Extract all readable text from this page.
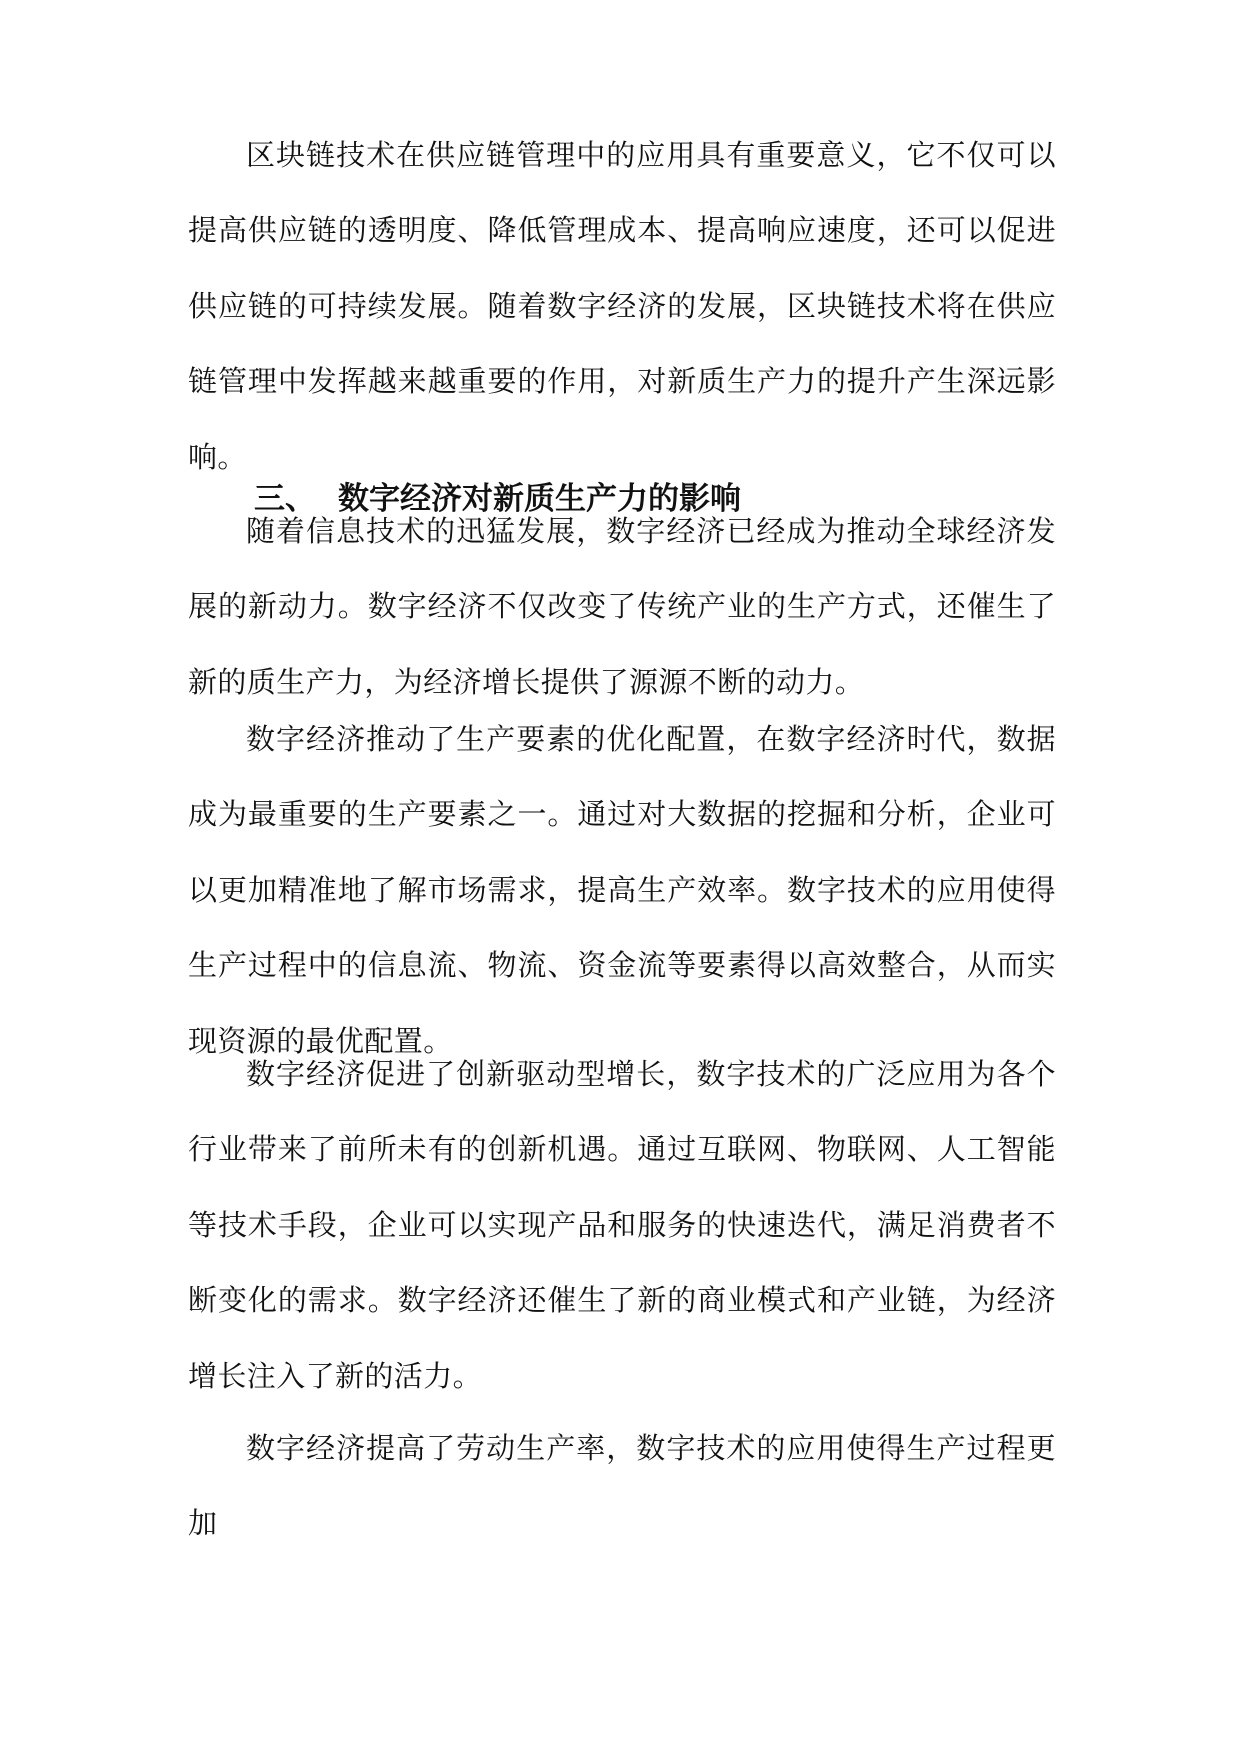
区块链技术在供应链管理中的应用具有重要意义，它不仅可以提高供应链的透明度、降低管理成本、提高响应速度，还可以促进供应链的可持续发展。随着数字经济的发展，区块链技术将在供应链管理中发挥越来越重要的作用，对新质生产力的提升产生深远影响。

三、 数字经济对新质生产力的影响

随着信息技术的迅猛发展，数字经济已经成为推动全球经济发展的新动力。数字经济不仅改变了传统产业的生产方式，还催生了新的质生产力，为经济增长提供了源源不断的动力。

数字经济推动了生产要素的优化配置，在数字经济时代，数据成为最重要的生产要素之一。通过对大数据的挖掘和分析，企业可以更加精准地了解市场需求，提高生产效率。数字技术的应用使得生产过程中的信息流、物流、资金流等要素得以高效整合，从而实现资源的最优配置。

数字经济促进了创新驱动型增长，数字技术的广泛应用为各个行业带来了前所未有的创新机遇。通过互联网、物联网、人工智能等技术手段，企业可以实现产品和服务的快速迭代，满足消费者不断变化的需求。数字经济还催生了新的商业模式和产业链，为经济增长注入了新的活力。

数字经济提高了劳动生产率，数字技术的应用使得生产过程更加
